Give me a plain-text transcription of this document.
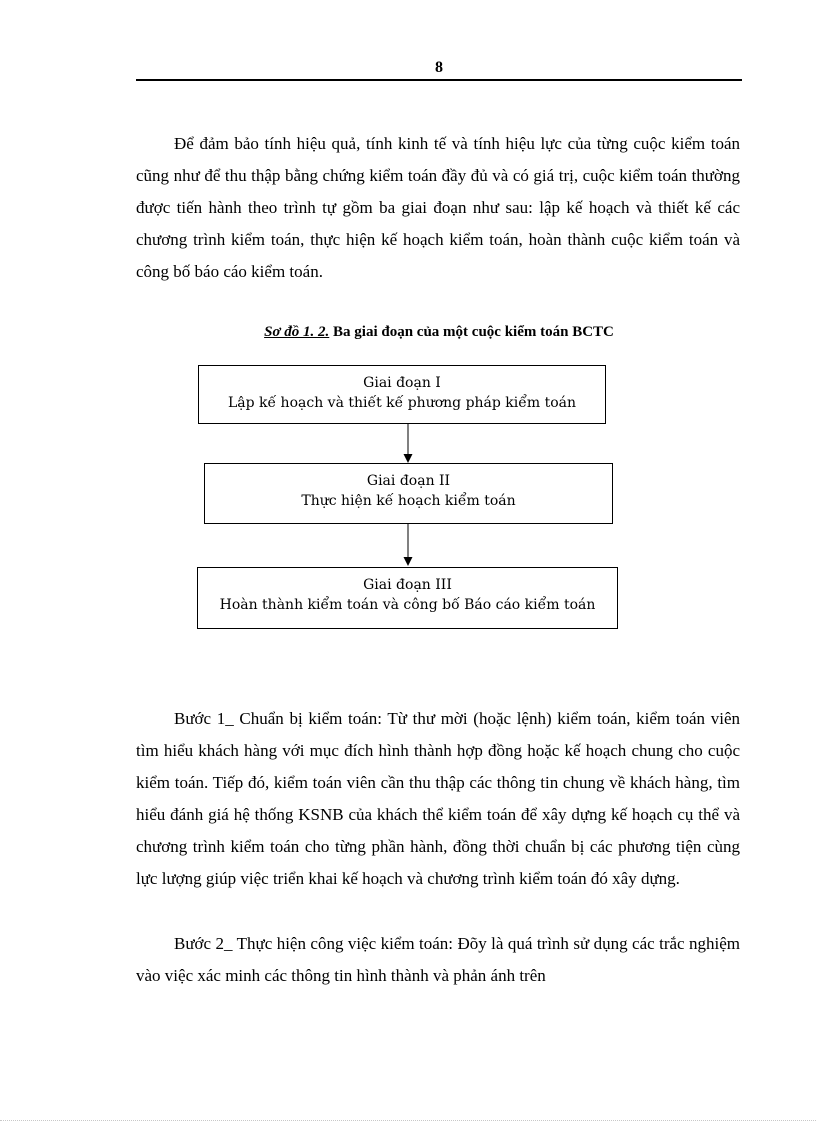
8

Để đảm bảo tính hiệu quả, tính kinh tế và tính hiệu lực của từng cuộc kiểm toán cũng như để thu thập bằng chứng kiểm toán đầy đủ và có giá trị, cuộc kiểm toán thường được tiến hành theo trình tự gồm ba giai đoạn như sau: lập kế hoạch và thiết kế các chương trình kiểm toán, thực hiện kế hoạch kiểm toán, hoàn thành cuộc kiểm toán và công bố báo cáo kiểm toán.

Sơ đồ 1. 2. Ba giai đoạn của một cuộc kiểm toán BCTC
Giai đoạn I
Lập kế hoạch và thiết kế phương pháp kiểm toán
Giai đoạn II
Thực hiện kế hoạch kiểm toán
Giai đoạn III
Hoàn thành kiểm toán và công bố Báo cáo kiểm toán

Bước 1_ Chuẩn bị kiểm toán: Từ thư mời (hoặc lệnh) kiểm toán, kiểm toán viên tìm hiểu khách hàng với mục đích hình thành hợp đồng hoặc kế hoạch chung cho cuộc kiểm toán. Tiếp đó, kiểm toán viên cần thu thập các thông tin chung về khách hàng, tìm hiểu đánh giá hệ thống KSNB của khách thể kiểm toán để xây dựng kế hoạch cụ thể và chương trình kiểm toán cho từng phần hành, đồng thời chuẩn bị các phương tiện cùng lực lượng giúp việc triển khai kế hoạch và chương trình kiểm toán đó xây dựng.

Bước 2_ Thực hiện công việc kiểm toán: Đõy là quá trình sử dụng các trắc nghiệm vào việc xác minh các thông tin hình thành và phản ánh trên
